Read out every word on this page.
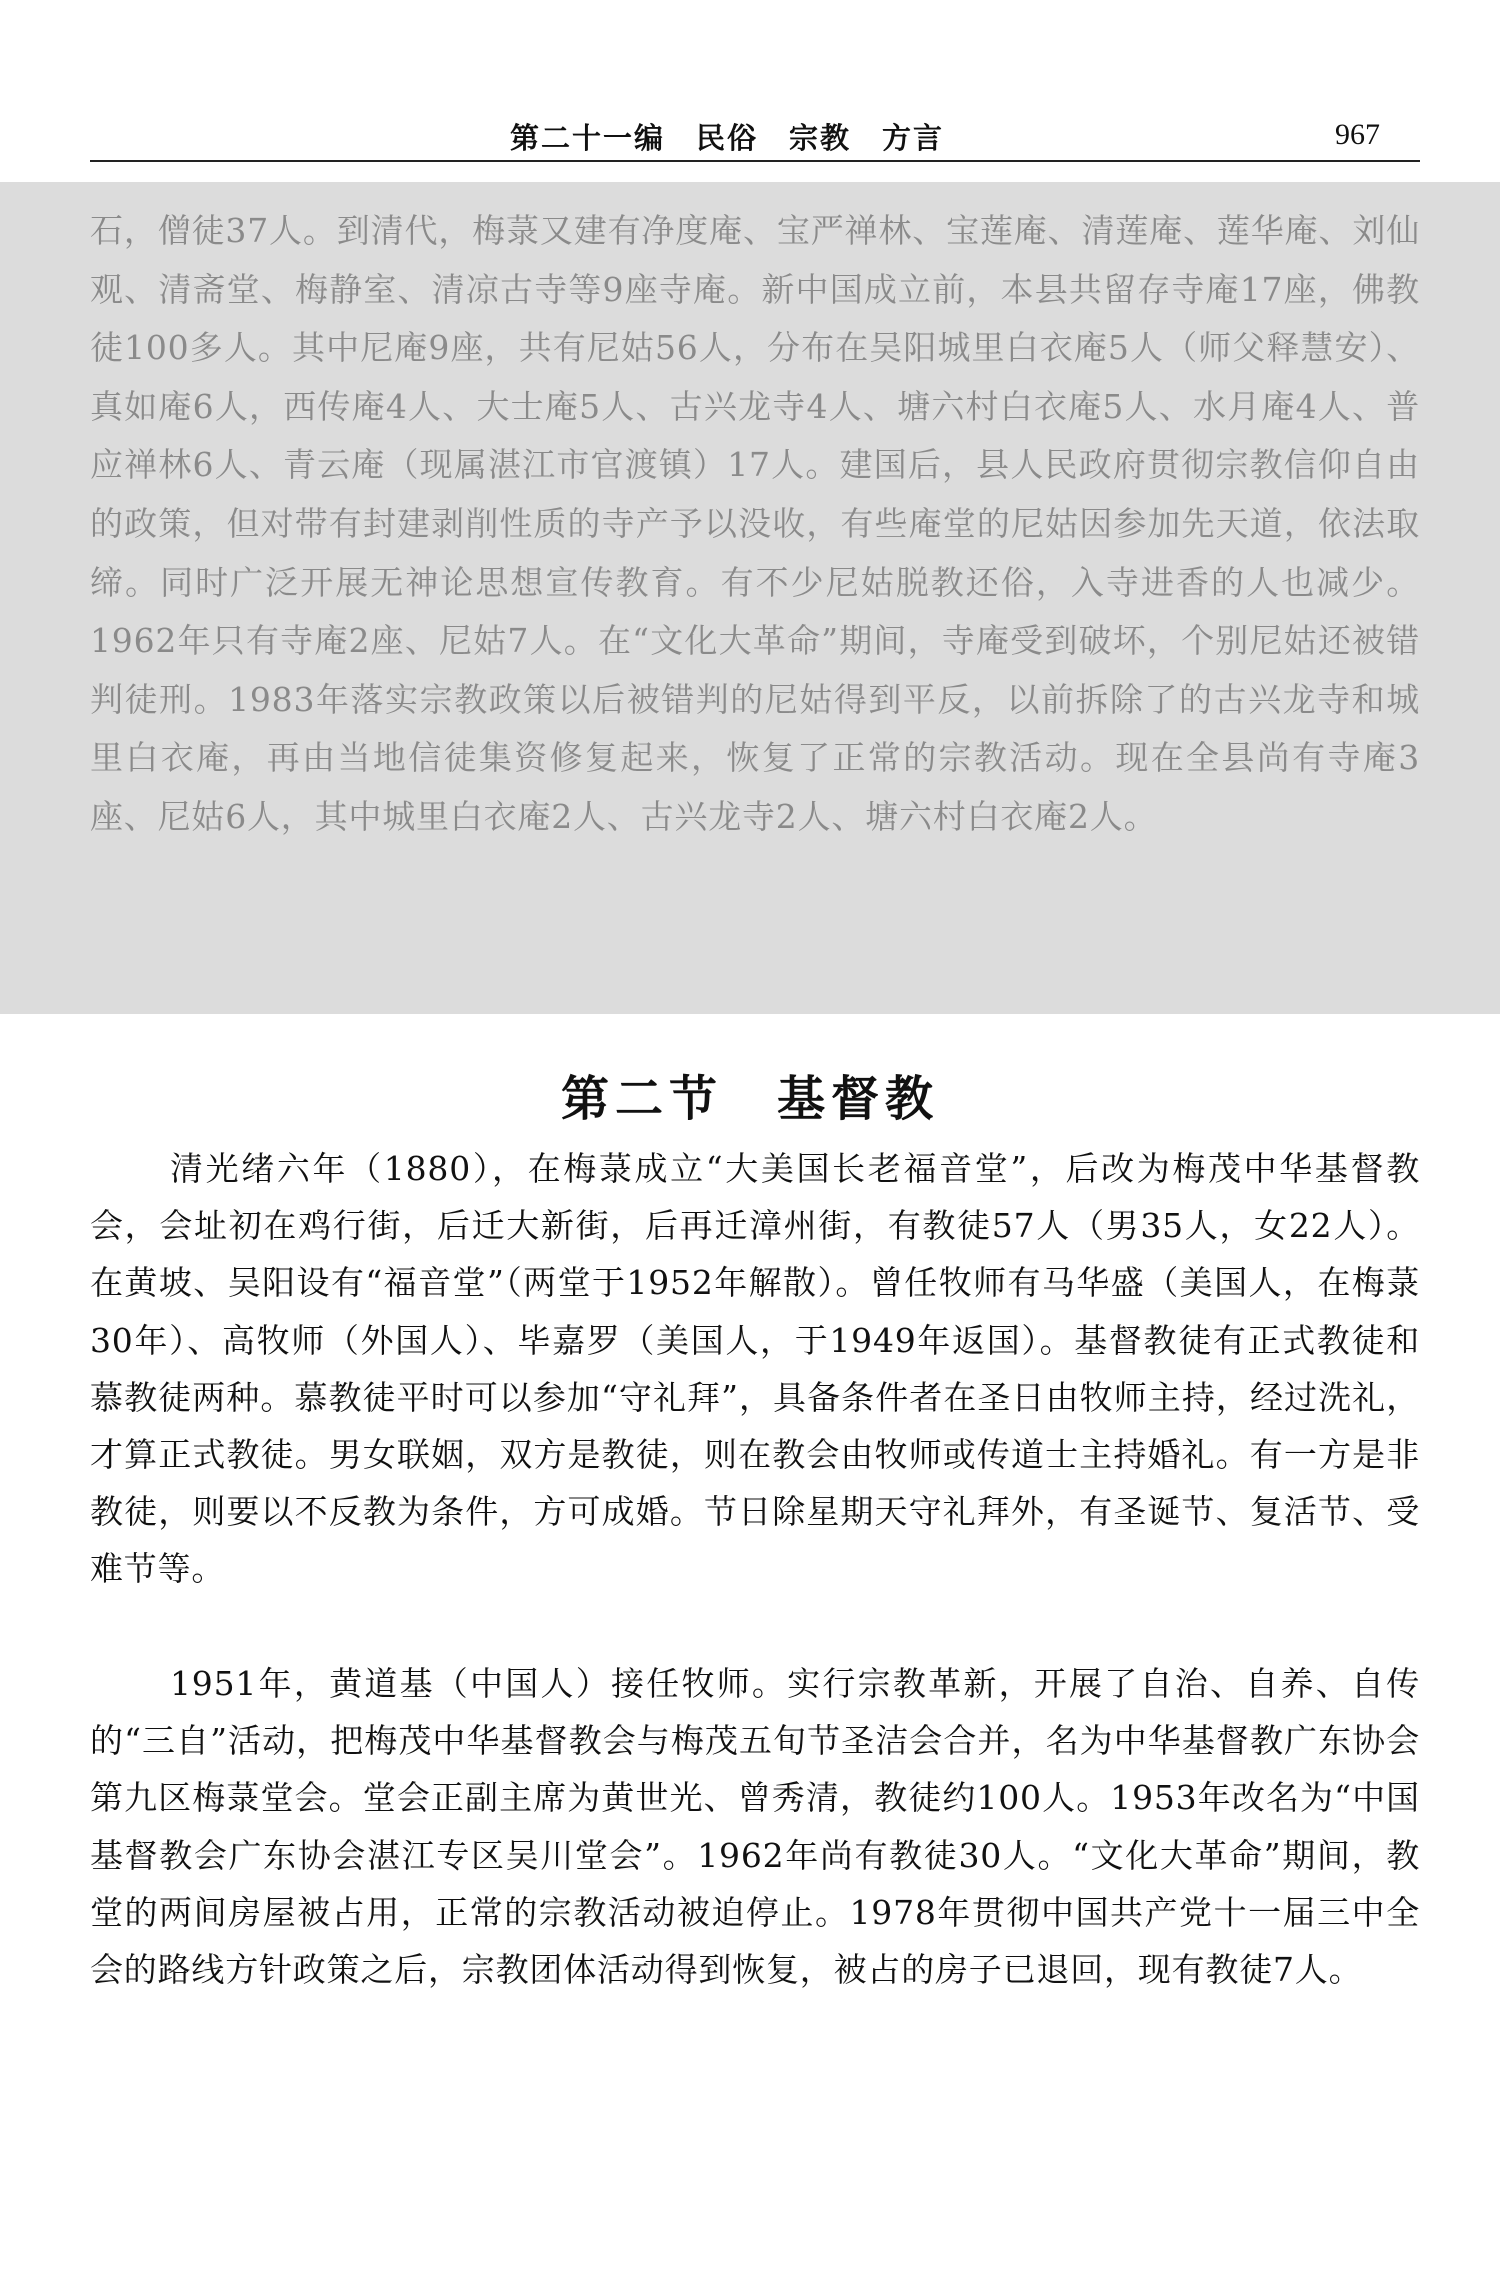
第二十一编　民俗　宗教　方言	967

石，僧徒37人。到清代，梅菉又建有净度庵、宝严禅林、宝莲庵、清莲庵、莲华庵、刘仙观、清斋堂、梅静室、清凉古寺等9座寺庵。新中国成立前，本县共留存寺庵17座，佛教徒100多人。其中尼庵9座，共有尼姑56人，分布在吴阳城里白衣庵5人（师父释慧安）、真如庵6人，西传庵4人、大士庵5人、古兴龙寺4人、塘六村白衣庵5人、水月庵4人、普应禅林6人、青云庵（现属湛江市官渡镇）17人。建国后，县人民政府贯彻宗教信仰自由的政策，但对带有封建剥削性质的寺产予以没收，有些庵堂的尼姑因参加先天道，依法取缔。同时广泛开展无神论思想宣传教育。有不少尼姑脱教还俗，入寺进香的人也减少。1962年只有寺庵2座、尼姑7人。在“文化大革命”期间，寺庵受到破坏，个别尼姑还被错判徒刑。1983年落实宗教政策以后被错判的尼姑得到平反，以前拆除了的古兴龙寺和城里白衣庵，再由当地信徒集资修复起来，恢复了正常的宗教活动。现在全县尚有寺庵3座、尼姑6人，其中城里白衣庵2人、古兴龙寺2人、塘六村白衣庵2人。

第二节　基督教

清光绪六年（1880），在梅菉成立“大美国长老福音堂”，后改为梅茂中华基督教会，会址初在鸡行街，后迁大新街，后再迁漳州街，有教徒57人（男35人，女22人）。在黄坡、吴阳设有“福音堂”（两堂于1952年解散）。曾任牧师有马华盛（美国人，在梅菉30年）、高牧师（外国人）、毕嘉罗（美国人，于1949年返国）。基督教徒有正式教徒和慕教徒两种。慕教徒平时可以参加“守礼拜”，具备条件者在圣日由牧师主持，经过洗礼，才算正式教徒。男女联姻，双方是教徒，则在教会由牧师或传道士主持婚礼。有一方是非教徒，则要以不反教为条件，方可成婚。节日除星期天守礼拜外，有圣诞节、复活节、受难节等。

1951年，黄道基（中国人）接任牧师。实行宗教革新，开展了自治、自养、自传的“三自”活动，把梅茂中华基督教会与梅茂五旬节圣洁会合并，名为中华基督教广东协会第九区梅菉堂会。堂会正副主席为黄世光、曾秀清，教徒约100人。1953年改名为“中国基督教会广东协会湛江专区吴川堂会”。1962年尚有教徒30人。“文化大革命”期间，教堂的两间房屋被占用，正常的宗教活动被迫停止。1978年贯彻中国共产党十一届三中全会的路线方针政策之后，宗教团体活动得到恢复，被占的房子已退回，现有教徒7人。
